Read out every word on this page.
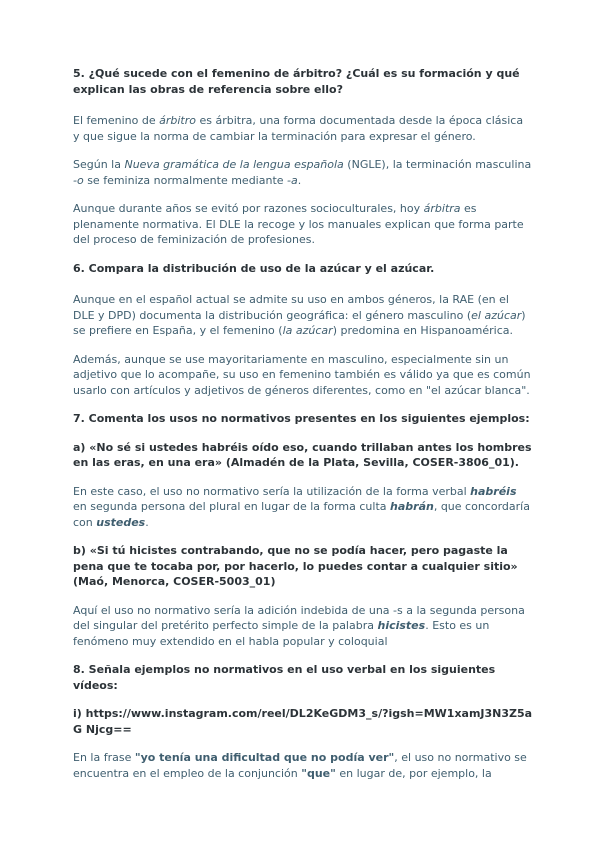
5. ¿Qué sucede con el femenino de árbitro? ¿Cuál es su formación y qué explican las obras de referencia sobre ello?

El femenino de árbitro es árbitra, una forma documentada desde la época clásica y que sigue la norma de cambiar la terminación para expresar el género.

Según la Nueva gramática de la lengua española (NGLE), la terminación masculina -o se feminiza normalmente mediante -a.

Aunque durante años se evitó por razones socioculturales, hoy árbitra es plenamente normativa. El DLE la recoge y los manuales explican que forma parte del proceso de feminización de profesiones.

6. Compara la distribución de uso de la azúcar y el azúcar.

Aunque en el español actual se admite su uso en ambos géneros, la RAE (en el DLE y DPD) documenta la distribución geográfica: el género masculino (el azúcar) se prefiere en España, y el femenino (la azúcar) predomina en Hispanoamérica.

Además, aunque se use mayoritariamente en masculino, especialmente sin un adjetivo que lo acompañe, su uso en femenino también es válido ya que es común usarlo con artículos y adjetivos de géneros diferentes, como en "el azúcar blanca".

7. Comenta los usos no normativos presentes en los siguientes ejemplos:

a) «No sé si ustedes habréis oído eso, cuando trillaban antes los hombres en las eras, en una era» (Almadén de la Plata, Sevilla, COSER-3806_01).

En este caso, el uso no normativo sería la utilización de la forma verbal habréis en segunda persona del plural en lugar de la forma culta habrán, que concordaría con ustedes.

b) «Si tú hicistes contrabando, que no se podía hacer, pero pagaste la pena que te tocaba por, por hacerlo, lo puedes contar a cualquier sitio» (Maó, Menorca, COSER-5003_01)

Aquí el uso no normativo sería la adición indebida de una -s a la segunda persona del singular del pretérito perfecto simple de la palabra hicistes. Esto es un fenómeno muy extendido en el habla popular y coloquial

8. Señala ejemplos no normativos en el uso verbal en los siguientes vídeos:

i) https://www.instagram.com/reel/DL2KeGDM3_s/?igsh=MW1xamJ3N3Z5aG Njcg==

En la frase "yo tenía una dificultad que no podía ver", el uso no normativo se encuentra en el empleo de la conjunción "que" en lugar de, por ejemplo, la
